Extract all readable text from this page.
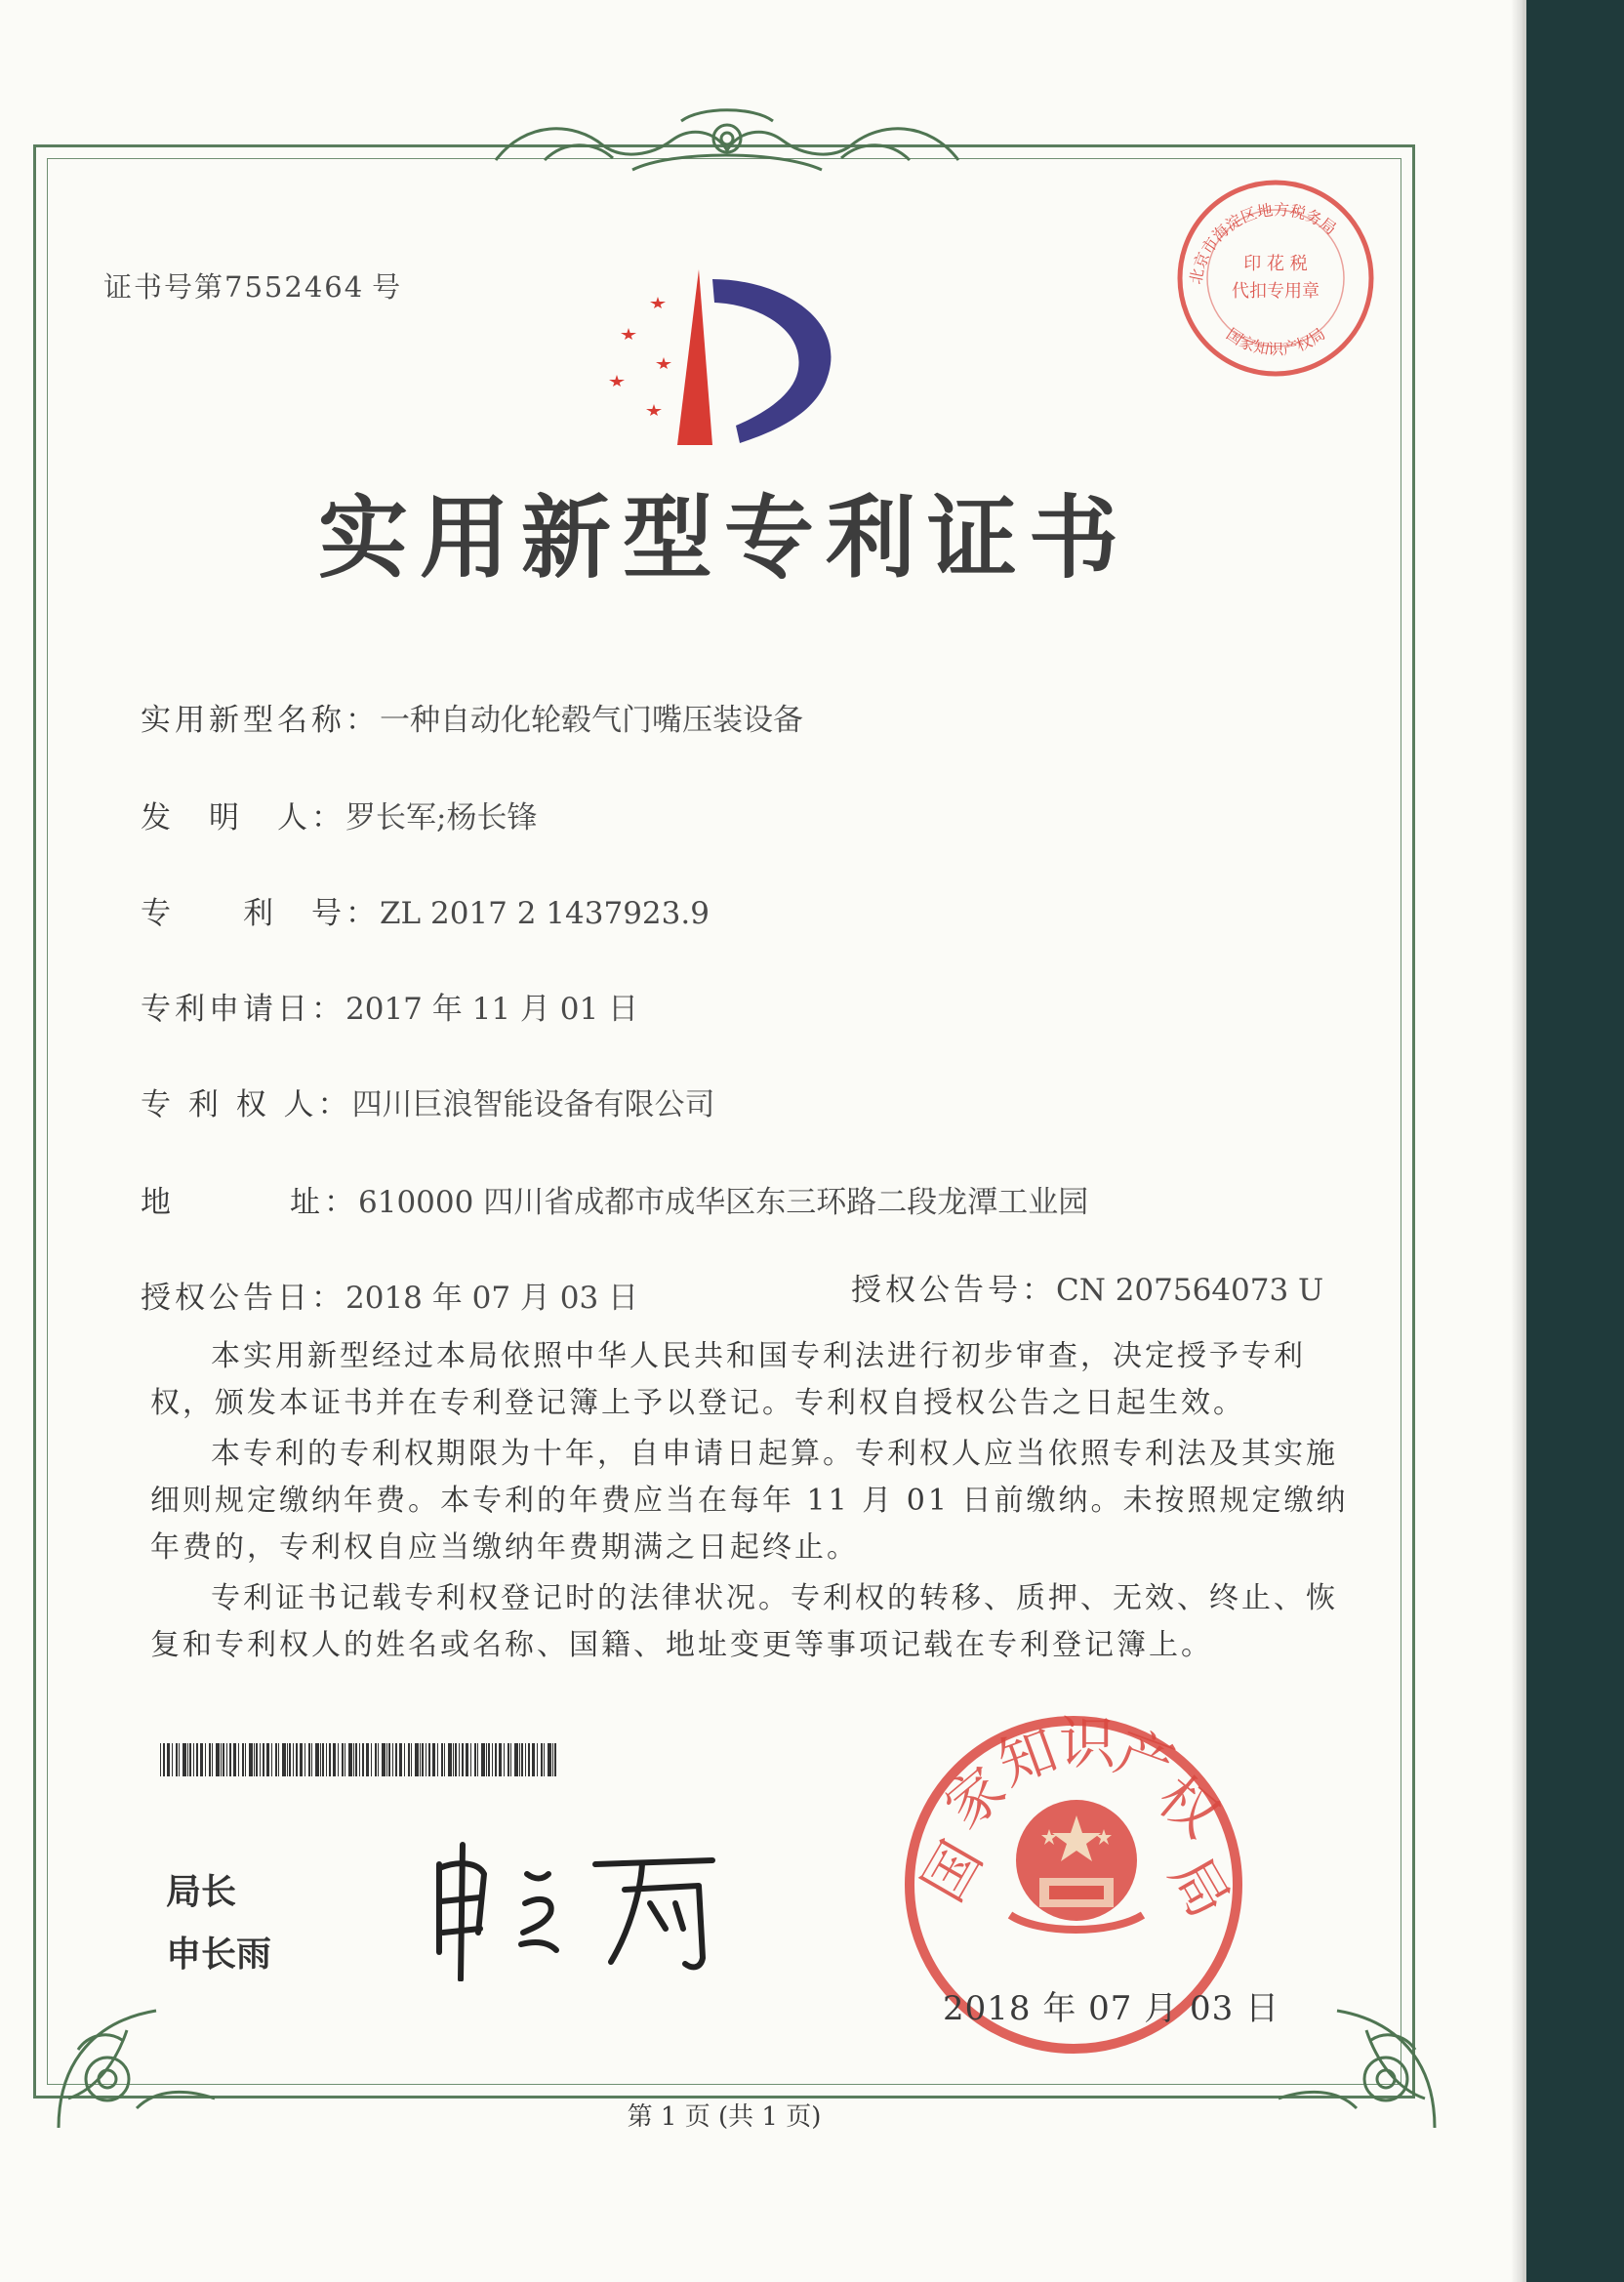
证书号第7552464 号
实用新型专利证书
实用新型名称：一种自动化轮毂气门嘴压装设备
发　明　人：罗长军;杨长锋
专　　利　号：ZL 2017 2 1437923.9
专利申请日：2017 年 11 月 01 日
专 利 权 人：四川巨浪智能设备有限公司
地	址：610000 四川省成都市成华区东三环路二段龙潭工业园
授权公告日：2018 年 07 月 03 日	授权公告号：CN 207564073 U

本实用新型经过本局依照中华人民共和国专利法进行初步审查，决定授予专利权，颁发本证书并在专利登记簿上予以登记。专利权自授权公告之日起生效。

本专利的专利权期限为十年，自申请日起算。专利权人应当依照专利法及其实施细则规定缴纳年费。本专利的年费应当在每年 11 月 01 日前缴纳。未按照规定缴纳年费的，专利权自应当缴纳年费期满之日起终止。

专利证书记载专利权登记时的法律状况。专利权的转移、质押、无效、终止、恢复和专利权人的姓名或名称、国籍、地址变更等事项记载在专利登记簿上。

局长
申长雨
国
家
知
识
产
权
局
2018 年 07 月 03 日
印 花 税
代扣专用章
北京市海淀区地方税务局
国家知识产权局
第 1 页 (共 1 页)
